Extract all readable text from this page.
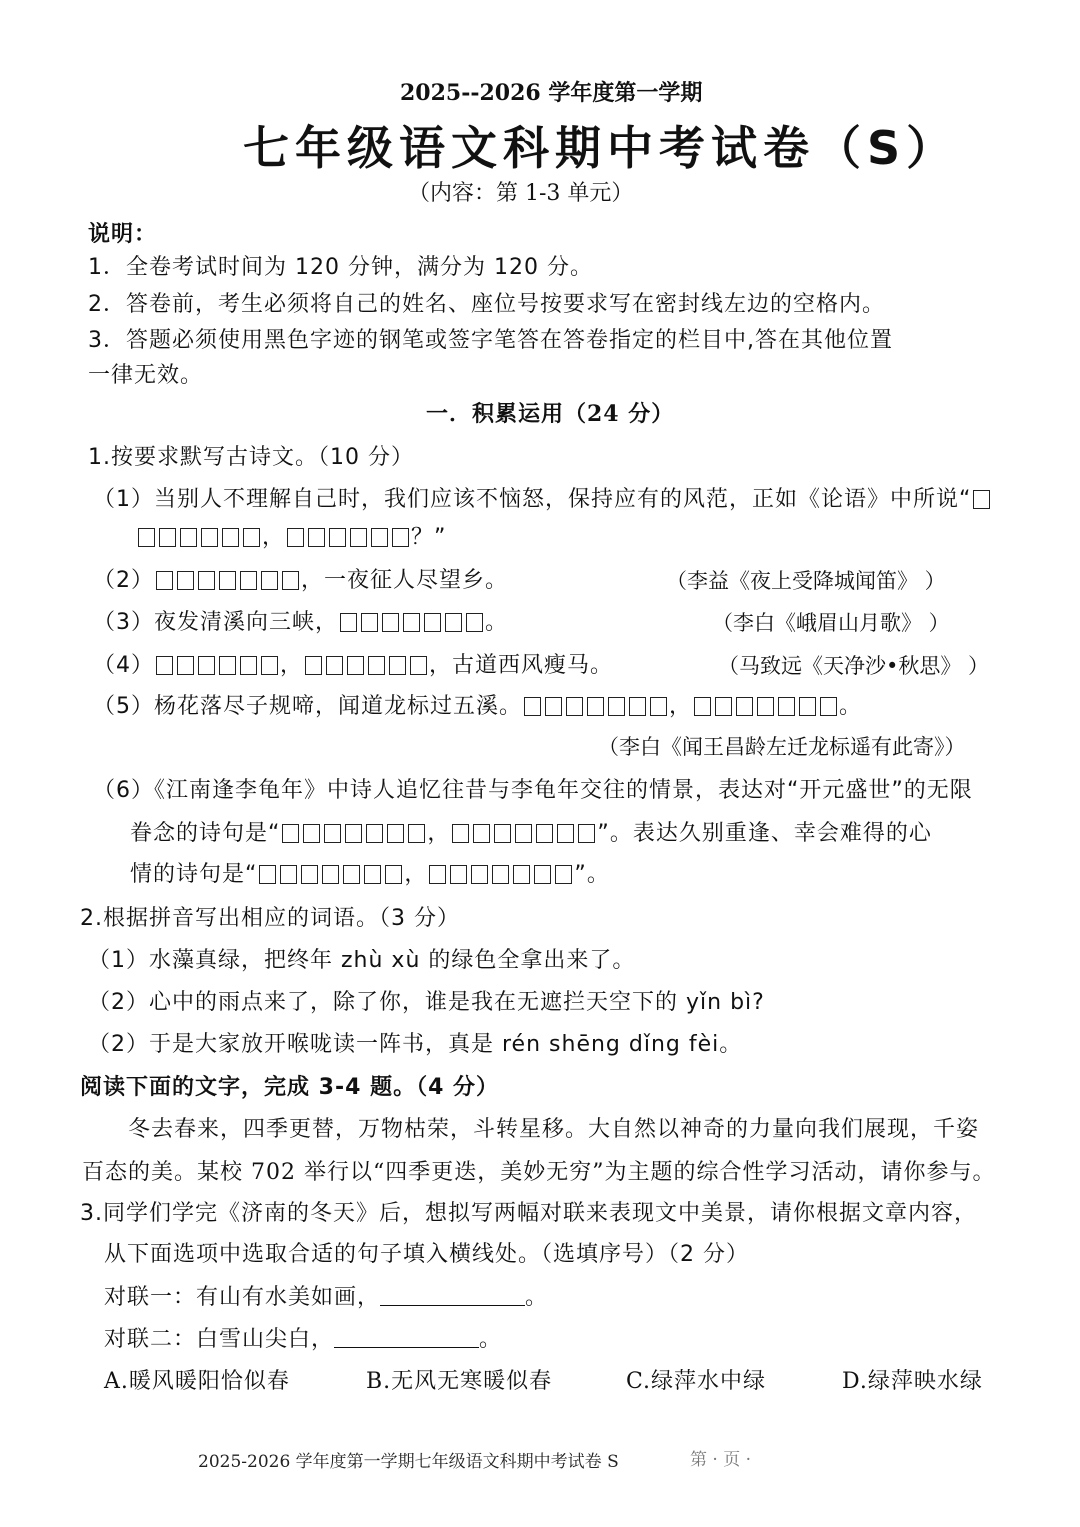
2025--2026 学年度第一学期
七年级语文科期中考试卷（S）
（内容：第 1-3 单元）
说明：
1．全卷考试时间为 120 分钟，满分为 120 分。
2．答卷前，考生必须将自己的姓名、座位号按要求写在密封线左边的空格内。
3．答题必须使用黑色字迹的钢笔或签字笔答在答卷指定的栏目中,答在其他位置
一律无效。
一．积累运用（24 分）
1.按要求默写古诗文。（10 分）
（1）当别人不理解自己时，我们应该不恼怒，保持应有的风范，正如《论语》中所说“
，	？”
（2）	，一夜征人尽望乡。	（李益《夜上受降城闻笛》 ）
（3）夜发清溪向三峡，	。	（李白《峨眉山月歌》 ）
（4）	，	，古道西风瘦马。	（马致远《天净沙•秋思》 ）
（5）杨花落尽子规啼，闻道龙标过五溪。	，	。
（李白《闻王昌龄左迁龙标遥有此寄》）
（6）《江南逢李龟年》中诗人追忆往昔与李龟年交往的情景，表达对“开元盛世”的无限
眷念的诗句是“	，	”。表达久别重逢、幸会难得的心
情的诗句是“	，	”。
2.根据拼音写出相应的词语。（3 分）
（1）水藻真绿，把终年 zhù xù 的绿色全拿出来了。
（2）心中的雨点来了，除了你，谁是我在无遮拦天空下的 yǐn bì?
（2）于是大家放开喉咙读一阵书，真是 rén shēng dǐng fèi。
阅读下面的文字，完成 3-4 题。（4 分）
冬去春来，四季更替，万物枯荣，斗转星移。大自然以神奇的力量向我们展现，千姿
百态的美。某校 702 举行以“四季更迭，美妙无穷”为主题的综合性学习活动，请你参与。
3.同学们学完《济南的冬天》后，想拟写两幅对联来表现文中美景，请你根据文章内容，
从下面选项中选取合适的句子填入横线处。（选填序号）（2 分）
对联一：有山有水美如画，	。
对联二：白雪山尖白，	。
A.暖风暖阳恰似春	B.无风无寒暖似春	C.绿萍水中绿	D.绿萍映水绿
2025-2026 学年度第一学期七年级语文科期中考试卷 S	第 · 页 ·
